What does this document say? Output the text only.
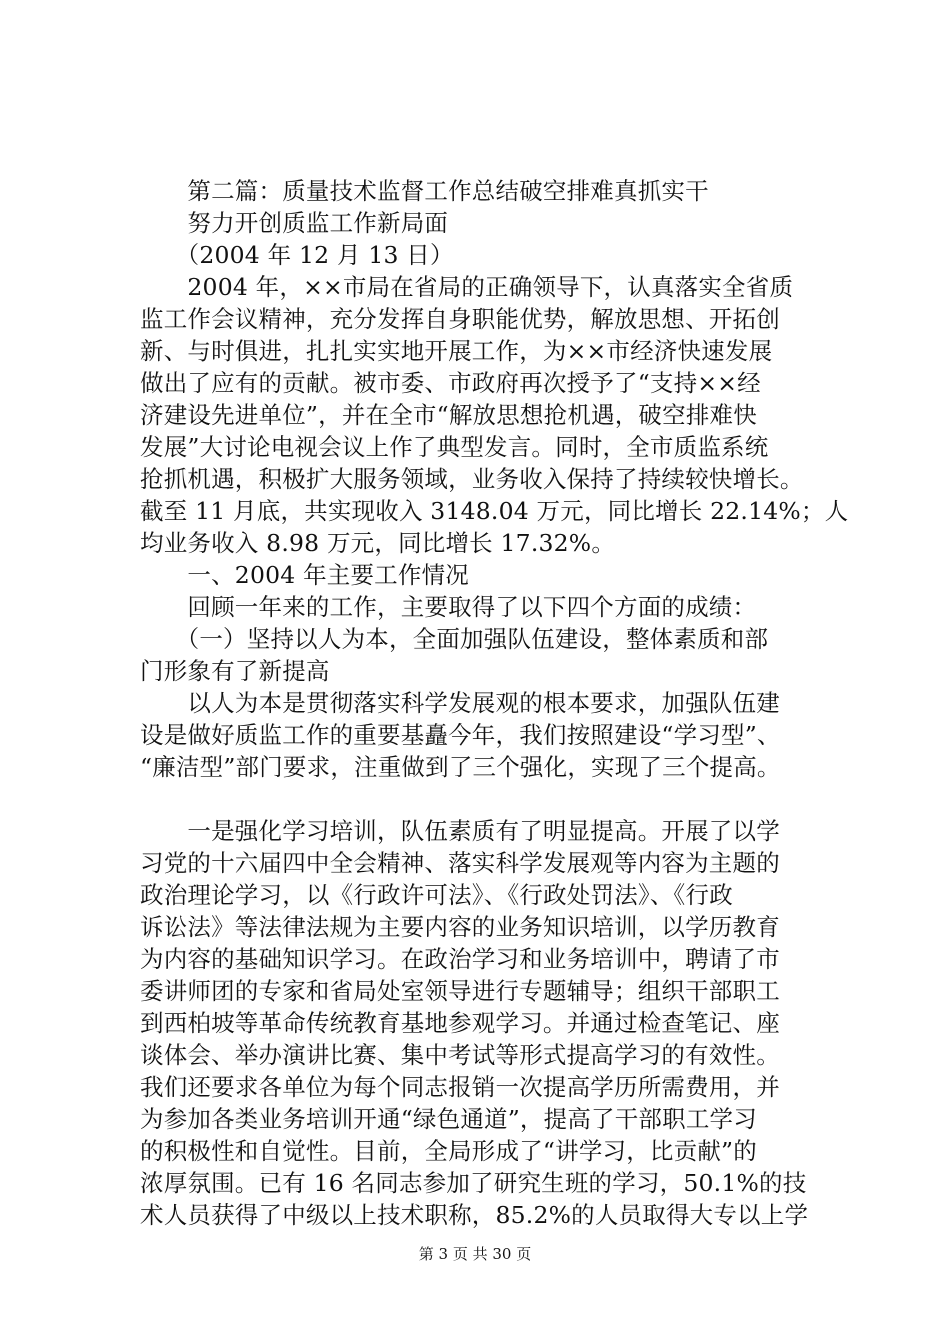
　　第二篇：质量技术监督工作总结破空排难真抓实干
　　努力开创质监工作新局面
　　（2004 年 12 月 13 日）
　　2004 年，××市局在省局的正确领导下，认真落实全省质
监工作会议精神，充分发挥自身职能优势，解放思想、开拓创
新、与时俱进，扎扎实实地开展工作，为××市经济快速发展
做出了应有的贡献。被市委、市政府再次授予了“支持××经
济建设先进单位”，并在全市“解放思想抢机遇，破空排难快
发展”大讨论电视会议上作了典型发言。同时，全市质监系统
抢抓机遇，积极扩大服务领域，业务收入保持了持续较快增长。
截至 11 月底，共实现收入 3148.04 万元，同比增长 22.14%；人
均业务收入 8.98 万元，同比增长 17.32%。
　　一、2004 年主要工作情况
　　回顾一年来的工作，主要取得了以下四个方面的成绩：
　　（一）坚持以人为本，全面加强队伍建设，整体素质和部
门形象有了新提高
　　以人为本是贯彻落实科学发展观的根本要求，加强队伍建
设是做好质监工作的重要基矗今年，我们按照建设“学习型”、
“廉洁型”部门要求，注重做到了三个强化，实现了三个提高。
　　一是强化学习培训，队伍素质有了明显提高。开展了以学
习党的十六届四中全会精神、落实科学发展观等内容为主题的
政治理论学习，以《行政许可法》、《行政处罚法》、《行政
诉讼法》等法律法规为主要内容的业务知识培训，以学历教育
为内容的基础知识学习。在政治学习和业务培训中，聘请了市
委讲师团的专家和省局处室领导进行专题辅导；组织干部职工
到西柏坡等革命传统教育基地参观学习。并通过检查笔记、座
谈体会、举办演讲比赛、集中考试等形式提高学习的有效性。
我们还要求各单位为每个同志报销一次提高学历所需费用，并
为参加各类业务培训开通“绿色通道”，提高了干部职工学习
的积极性和自觉性。目前，全局形成了“讲学习，比贡献”的
浓厚氛围。已有 16 名同志参加了研究生班的学习，50.1%的技
术人员获得了中级以上技术职称，85.2%的人员取得大专以上学
第 3 页 共 30 页
